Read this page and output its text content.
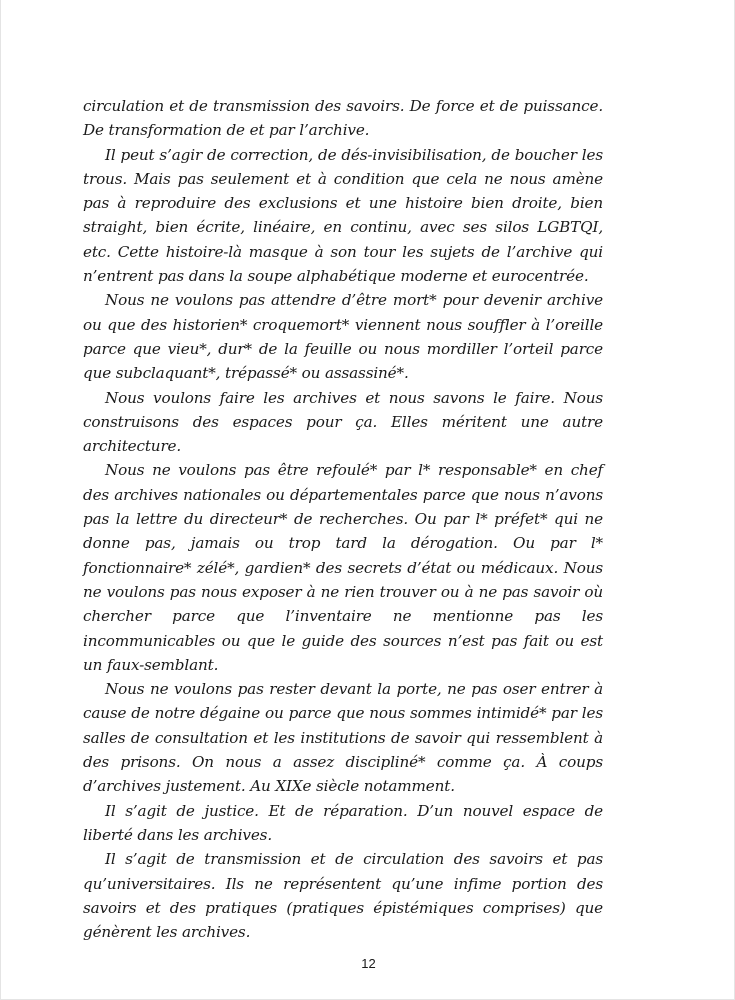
circulation et de transmission des savoirs. De force et de puissance. De transformation de et par l’archive.

Il peut s’agir de correction, de dés-invisibilisation, de boucher les trous. Mais pas seulement et à condition que cela ne nous amène pas à reproduire des exclusions et une histoire bien droite, bien straight, bien écrite, linéaire, en continu, avec ses silos LGBTQI, etc. Cette histoire-là masque à son tour les sujets de l’archive qui n’entrent pas dans la soupe alphabétique moderne et eurocentrée.

Nous ne voulons pas attendre d’être mort* pour devenir archive ou que des historien* croquemort* viennent nous souffler à l’oreille parce que vieu*, dur* de la feuille ou nous mordiller l’orteil parce que subclaquant*, trépassé* ou assassiné*.

Nous voulons faire les archives et nous savons le faire. Nous construisons des espaces pour ça. Elles méritent une autre architecture.

Nous ne voulons pas être refoulé* par l* responsable* en chef des archives nationales ou départementales parce que nous n’avons pas la lettre du directeur* de recherches. Ou par l* préfet* qui ne donne pas, jamais ou trop tard la dérogation. Ou par l* fonctionnaire* zélé*, gardien* des secrets d’état ou médicaux. Nous ne voulons pas nous exposer à ne rien trouver ou à ne pas savoir où chercher parce que l’inventaire ne mentionne pas les incommunicables ou que le guide des sources n’est pas fait ou est un faux-semblant.

Nous ne voulons pas rester devant la porte, ne pas oser entrer à cause de notre dégaine ou parce que nous sommes intimidé* par les salles de consultation et les institutions de savoir qui ressemblent à des prisons. On nous a assez discipliné* comme ça. À coups d’archives justement. Au XIXe siècle notamment.

Il s’agit de justice. Et de réparation. D’un nouvel espace de liberté dans les archives.

Il s’agit de transmission et de circulation des savoirs et pas qu’universitaires. Ils ne représentent qu’une infime portion des savoirs et des pratiques (pratiques épistémiques comprises) que génèrent les archives.

12
